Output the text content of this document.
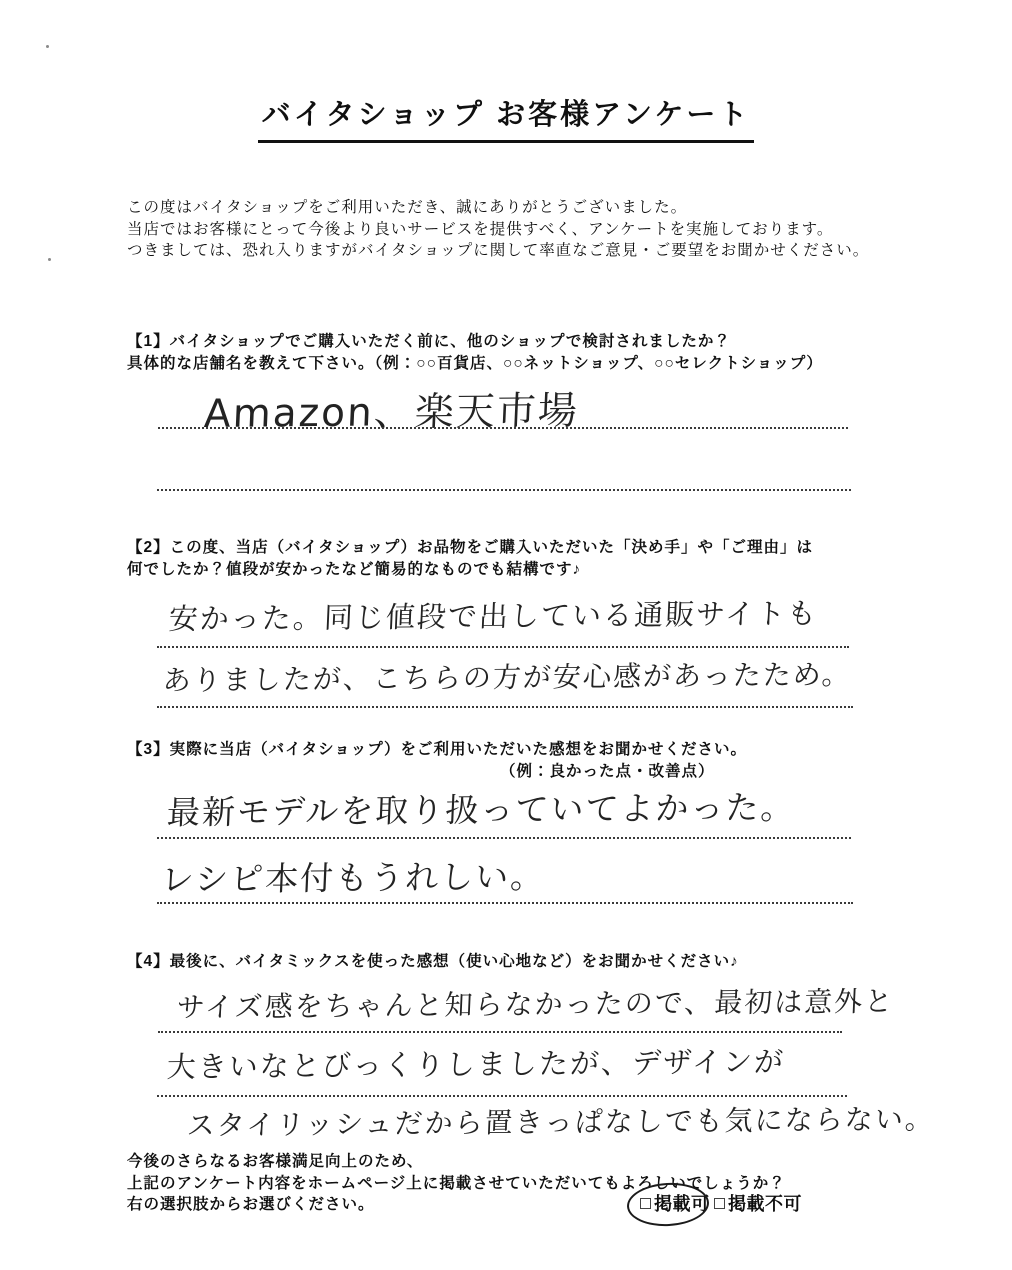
バイタショップ お客様アンケート

この度はバイタショップをご利用いただき、誠にありがとうございました。

当店ではお客様にとって今後より良いサービスを提供すべく、アンケートを実施しております。

つきましては、恐れ入りますがバイタショップに関して率直なご意見・ご要望をお聞かせください。

【1】バイタショップでご購入いただく前に、他のショップで検討されましたか？

具体的な店舗名を教えて下さい。（例：○○百貨店、○○ネットショップ、○○セレクトショップ）

Amazon、楽天市場

【2】この度、当店（バイタショップ）お品物をご購入いただいた「決め手」や「ご理由」は

何でしたか？値段が安かったなど簡易的なものでも結構です♪

安かった。同じ値段で出している通販サイトも
ありましたが、こちらの方が安心感があったため。

【3】実際に当店（バイタショップ）をご利用いただいた感想をお聞かせください。

（例：良かった点・改善点）

最新モデルを取り扱っていてよかった。
レシピ本付もうれしい。

【4】最後に、バイタミックスを使った感想（使い心地など）をお聞かせください♪

サイズ感をちゃんと知らなかったので、最初は意外と
大きいなとびっくりしましたが、デザインが
スタイリッシュだから置きっぱなしでも気にならない。

今後のさらなるお客様満足向上のため、

上記のアンケート内容をホームページ上に掲載させていただいてもよろしいでしょうか？

右の選択肢からお選びください。	掲載可 掲載不可
